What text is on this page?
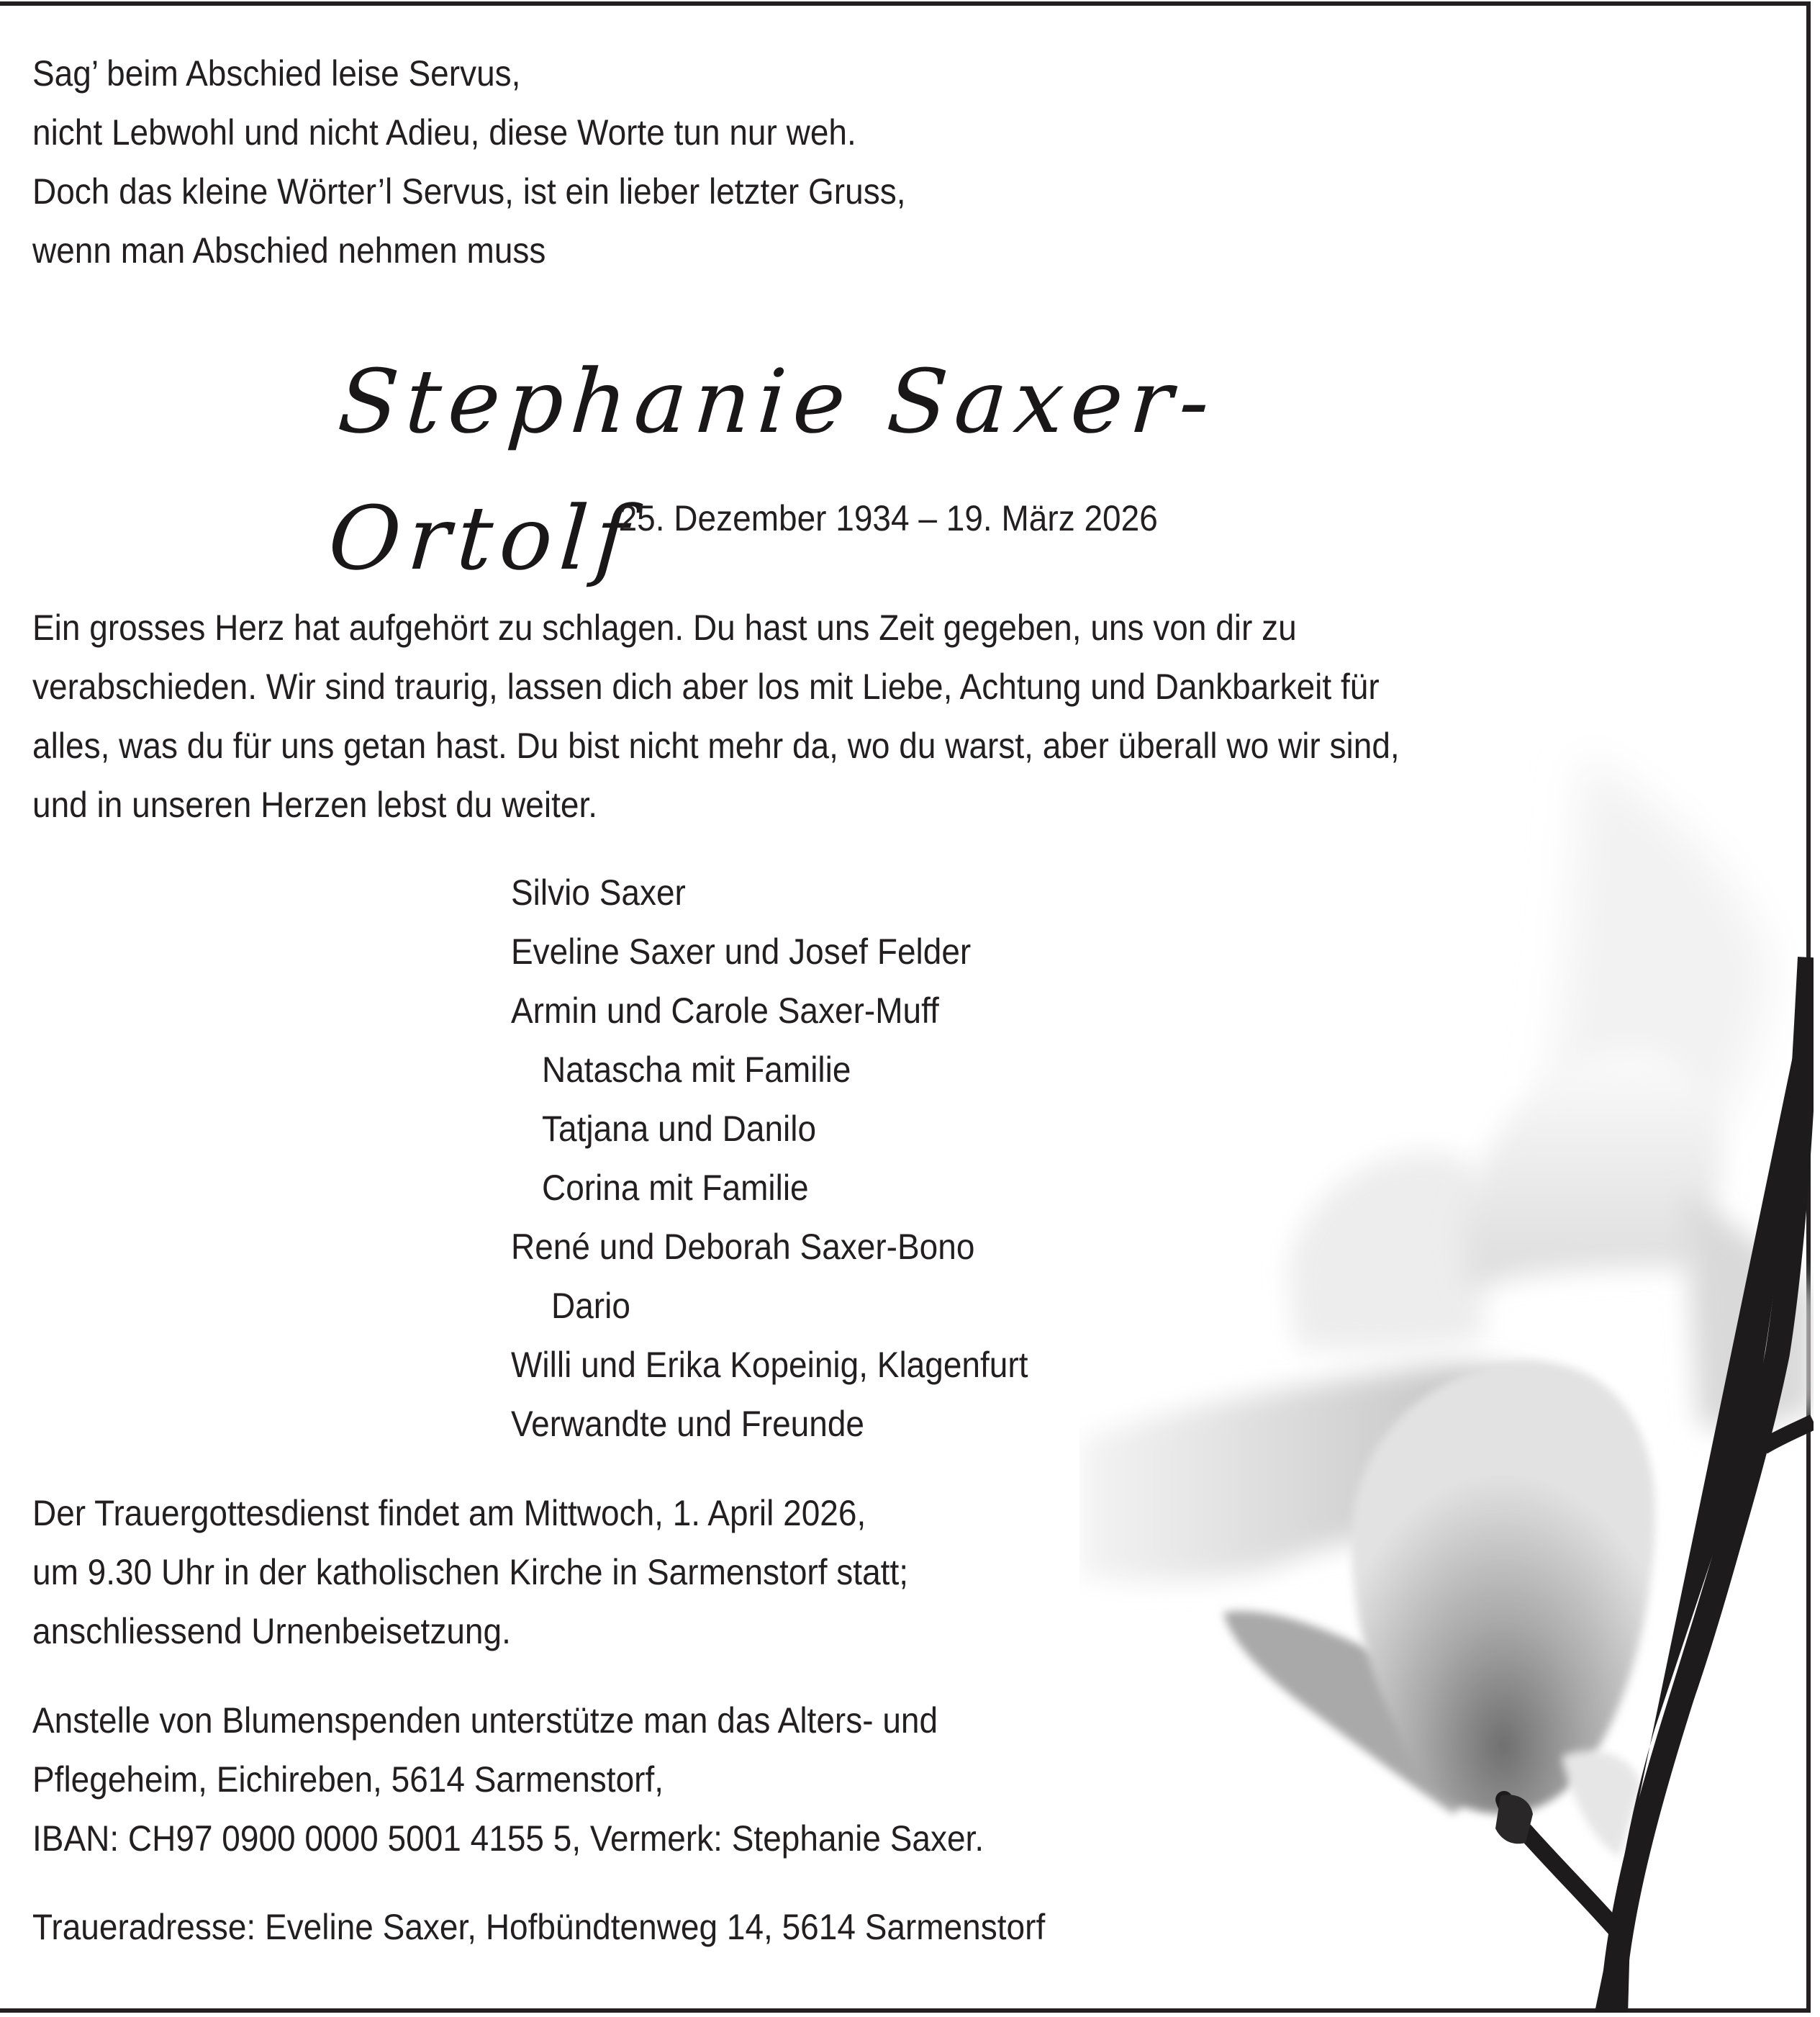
Sag’ beim Abschied leise Servus,
nicht Lebwohl und nicht Adieu, diese Worte tun nur weh.
Doch das kleine Wörter’l Servus, ist ein lieber letzter Gruss,
wenn man Abschied nehmen muss
Stephanie Saxer-Ortolf
25. Dezember 1934 – 19. März 2026
Ein grosses Herz hat aufgehört zu schlagen. Du hast uns Zeit gegeben, uns von dir zu
verabschieden. Wir sind traurig, lassen dich aber los mit Liebe, Achtung und Dankbarkeit für
alles, was du für uns getan hast. Du bist nicht mehr da, wo du warst, aber überall wo wir sind,
und in unseren Herzen lebst du weiter.
Silvio Saxer
Eveline Saxer und Josef Felder
Armin und Carole Saxer-Muff
Natascha mit Familie
Tatjana und Danilo
Corina mit Familie
René und Deborah Saxer-Bono
Dario
Willi und Erika Kopeinig, Klagenfurt
Verwandte und Freunde
Der Trauergottesdienst findet am Mittwoch, 1. April 2026,
um 9.30 Uhr in der katholischen Kirche in Sarmenstorf statt;
anschliessend Urnenbeisetzung.
Anstelle von Blumenspenden unterstütze man das Alters- und
Pflegeheim, Eichireben, 5614 Sarmenstorf,
IBAN: CH97 0900 0000 5001 4155 5, Vermerk: Stephanie Saxer.
Traueradresse: Eveline Saxer, Hofbündtenweg 14, 5614 Sarmenstorf
